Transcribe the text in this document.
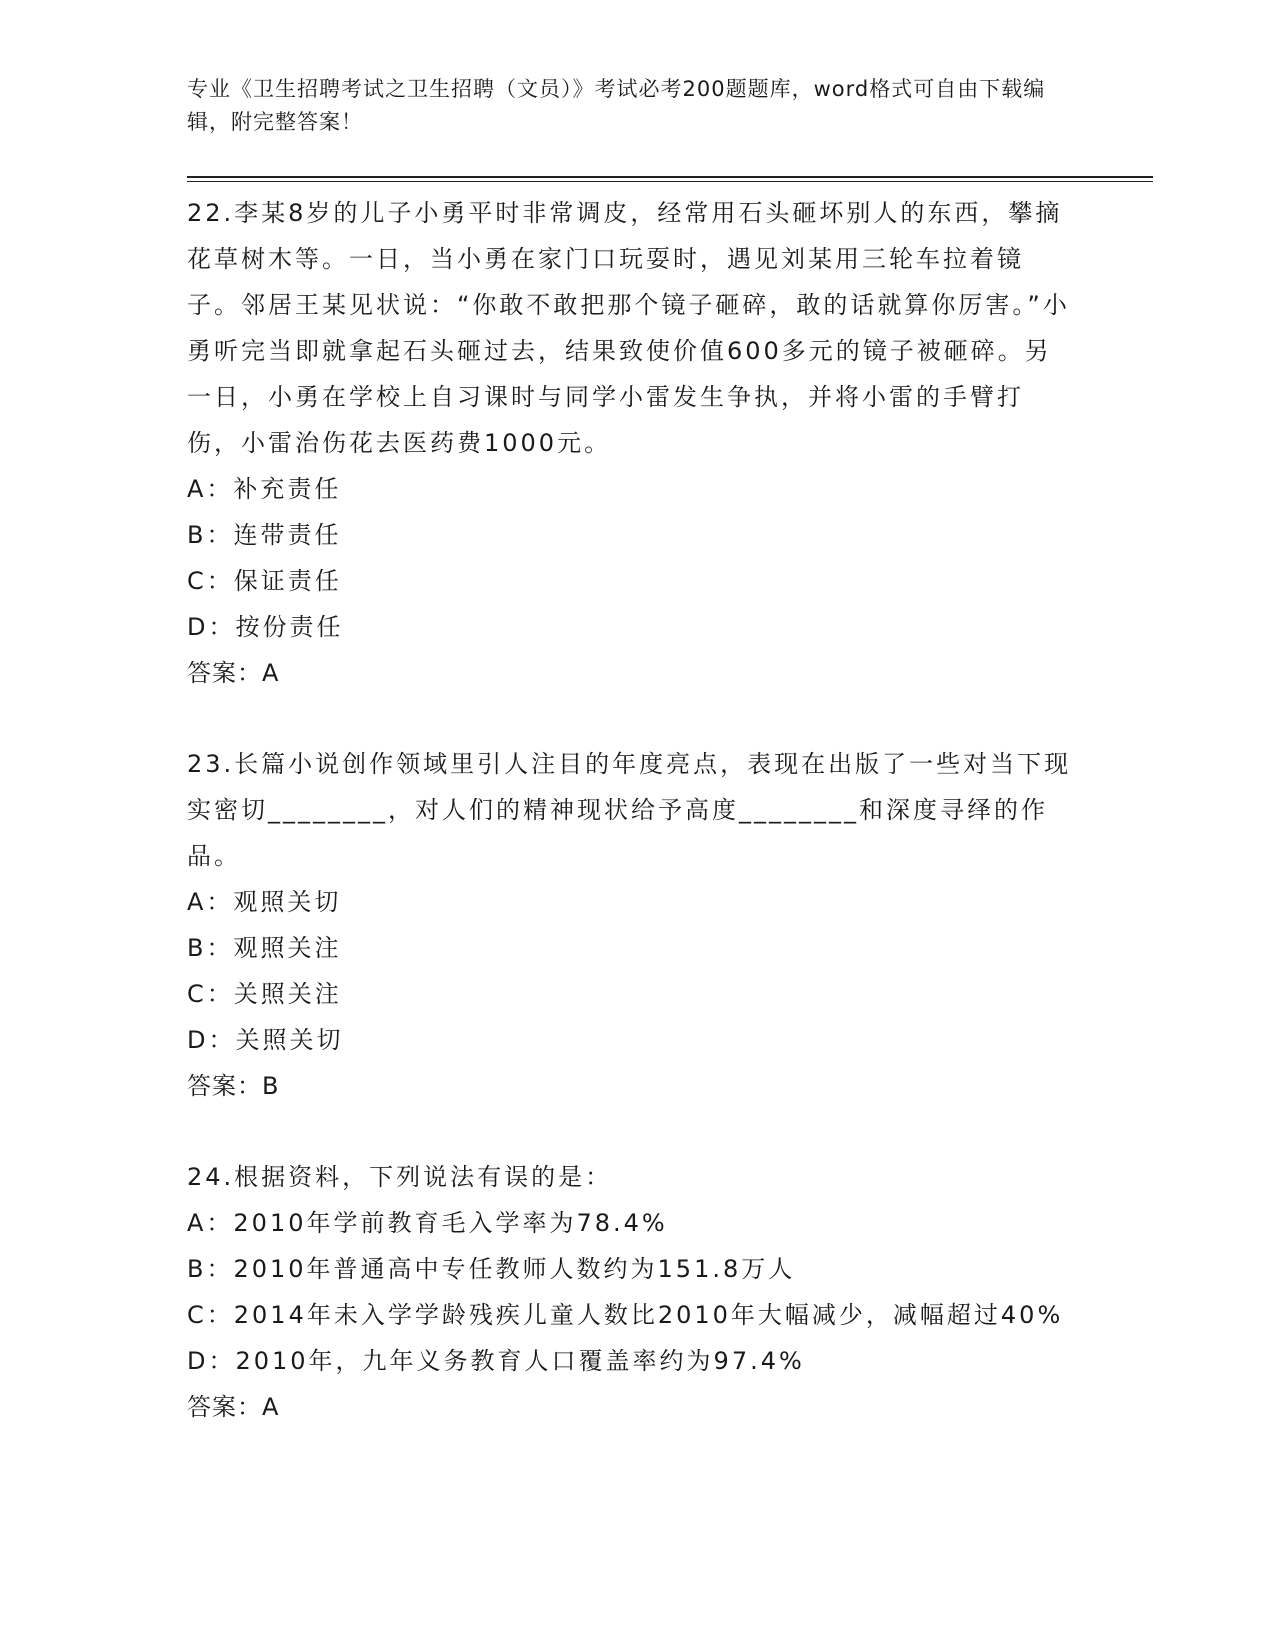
专业《卫生招聘考试之卫生招聘（文员）》考试必考200题题库，word格式可自由下载编辑，附完整答案！

22.李某8岁的儿子小勇平时非常调皮，经常用石头砸坏别人的东西，攀摘花草树木等。一日，当小勇在家门口玩耍时，遇见刘某用三轮车拉着镜子。邻居王某见状说：“你敢不敢把那个镜子砸碎，敢的话就算你厉害。”小勇听完当即就拿起石头砸过去，结果致使价值600多元的镜子被砸碎。另一日，小勇在学校上自习课时与同学小雷发生争执，并将小雷的手臂打伤，小雷治伤花去医药费1000元。

A：补充责任

B：连带责任

C：保证责任

D：按份责任

答案：A

23.长篇小说创作领域里引人注目的年度亮点，表现在出版了一些对当下现实密切________，对人们的精神现状给予高度________和深度寻绎的作品。

A：观照关切

B：观照关注

C：关照关注

D：关照关切

答案：B

24.根据资料，下列说法有误的是：

A：2010年学前教育毛入学率为78.4%

B：2010年普通高中专任教师人数约为151.8万人

C：2014年未入学学龄残疾儿童人数比2010年大幅减少，减幅超过40%

D：2010年，九年义务教育人口覆盖率约为97.4%

答案：A
